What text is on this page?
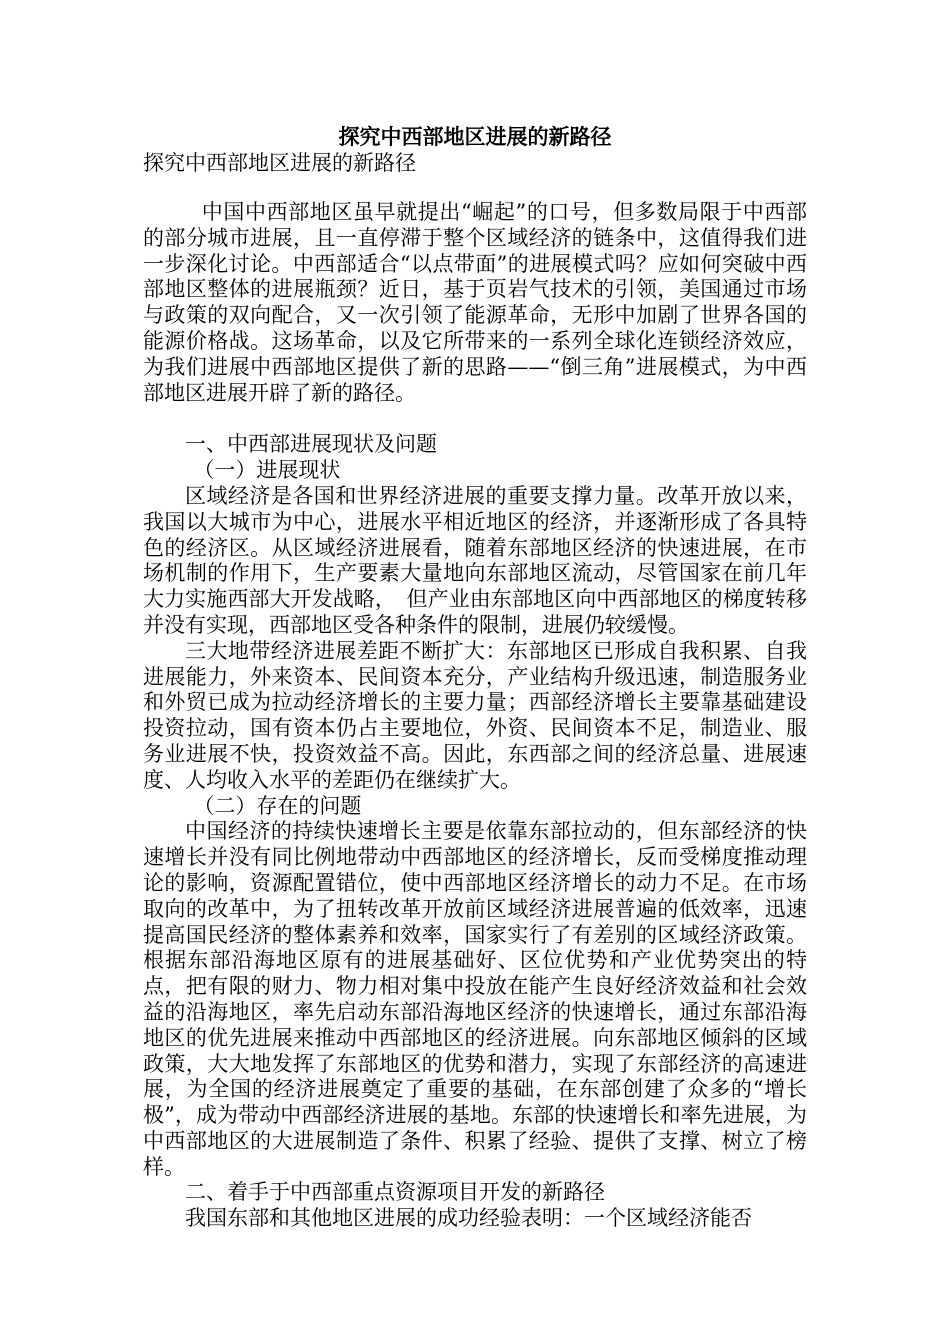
探究中西部地区进展的新路径
探究中西部地区进展的新路径

中国中西部地区虽早就提出“崛起”的口号，但多数局限于中西部的部分城市进展，且一直停滞于整个区域经济的链条中，这值得我们进一步深化讨论。中西部适合“以点带面”的进展模式吗？应如何突破中西部地区整体的进展瓶颈？近日，基于页岩气技术的引领，美国通过市场与政策的双向配合，又一次引领了能源革命，无形中加剧了世界各国的能源价格战。这场革命，以及它所带来的一系列全球化连锁经济效应，为我们进展中西部地区提供了新的思路——“倒三角”进展模式，为中西部地区进展开辟了新的路径。

一、中西部进展现状及问题

（一）进展现状

区域经济是各国和世界经济进展的重要支撑力量。改革开放以来，我国以大城市为中心，进展水平相近地区的经济，并逐渐形成了各具特色的经济区。从区域经济进展看，随着东部地区经济的快速进展，在市场机制的作用下，生产要素大量地向东部地区流动，尽管国家在前几年大力实施西部大开发战略，　但产业由东部地区向中西部地区的梯度转移并没有实现，西部地区受各种条件的限制，进展仍较缓慢。

三大地带经济进展差距不断扩大：东部地区已形成自我积累、自我进展能力，外来资本、民间资本充分，产业结构升级迅速，制造服务业和外贸已成为拉动经济增长的主要力量；西部经济增长主要靠基础建设投资拉动，国有资本仍占主要地位，外资、民间资本不足，制造业、服务业进展不快，投资效益不高。因此，东西部之间的经济总量、进展速度、人均收入水平的差距仍在继续扩大。

（二）存在的问题

中国经济的持续快速增长主要是依靠东部拉动的，但东部经济的快速增长并没有同比例地带动中西部地区的经济增长，反而受梯度推动理论的影响，资源配置错位，使中西部地区经济增长的动力不足。在市场取向的改革中，为了扭转改革开放前区域经济进展普遍的低效率，迅速提高国民经济的整体素养和效率，国家实行了有差别的区域经济政策。根据东部沿海地区原有的进展基础好、区位优势和产业优势突出的特点，把有限的财力、物力相对集中投放在能产生良好经济效益和社会效益的沿海地区，率先启动东部沿海地区经济的快速增长，通过东部沿海地区的优先进展来推动中西部地区的经济进展。向东部地区倾斜的区域政策，大大地发挥了东部地区的优势和潜力，实现了东部经济的高速进展，为全国的经济进展奠定了重要的基础，在东部创建了众多的“增长极”，成为带动中西部经济进展的基地。东部的快速增长和率先进展，为中西部地区的大进展制造了条件、积累了经验、提供了支撑、树立了榜样。

二、着手于中西部重点资源项目开发的新路径

我国东部和其他地区进展的成功经验表明：一个区域经济能否
